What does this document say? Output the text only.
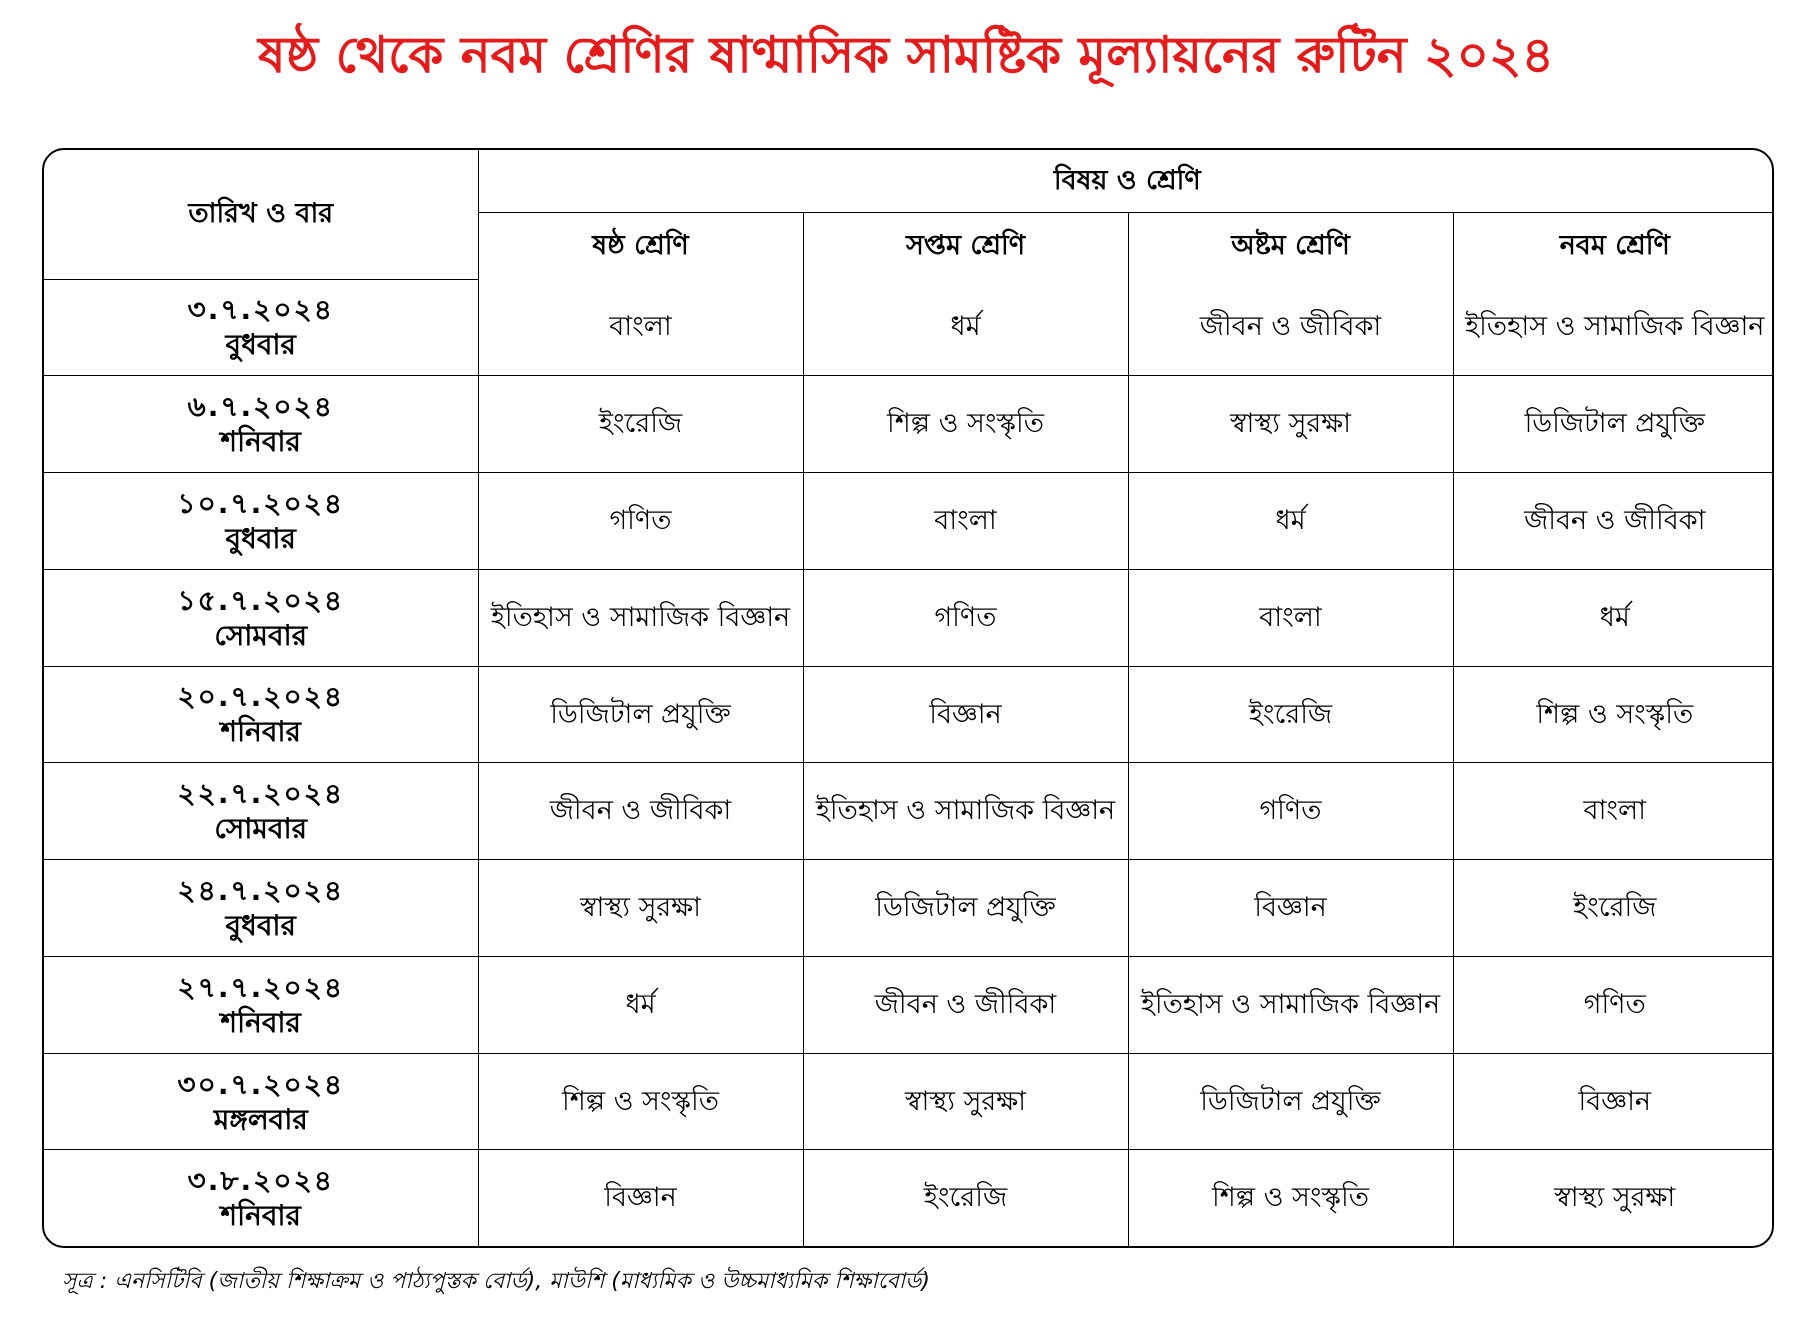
ষষ্ঠ থেকে নবম শ্রেণির ষাণ্মাসিক সামষ্টিক মূল্যায়নের রুটিন ২০২৪
তারিখ ও বার	বিষয় ও শ্রেণি			
	ষষ্ঠ শ্রেণি	সপ্তম শ্রেণি	অষ্টম শ্রেণি	নবম শ্রেণি

৩.৭.২০২৪
বুধবার	বাংলা	ধর্ম	জীবন ও জীবিকা	ইতিহাস ও সামাজিক বিজ্ঞান

৬.৭.২০২৪
শনিবার	ইংরেজি	শিল্প ও সংস্কৃতি	স্বাস্থ্য সুরক্ষা	ডিজিটাল প্রযুক্তি

১০.৭.২০২৪
বুধবার	গণিত	বাংলা	ধর্ম	জীবন ও জীবিকা

১৫.৭.২০২৪
সোমবার	ইতিহাস ও সামাজিক বিজ্ঞান	গণিত	বাংলা	ধর্ম

২০.৭.২০২৪
শনিবার	ডিজিটাল প্রযুক্তি	বিজ্ঞান	ইংরেজি	শিল্প ও সংস্কৃতি

২২.৭.২০২৪
সোমবার	জীবন ও জীবিকা	ইতিহাস ও সামাজিক বিজ্ঞান	গণিত	বাংলা

২৪.৭.২০২৪
বুধবার	স্বাস্থ্য সুরক্ষা	ডিজিটাল প্রযুক্তি	বিজ্ঞান	ইংরেজি

২৭.৭.২০২৪
শনিবার	ধর্ম	জীবন ও জীবিকা	ইতিহাস ও সামাজিক বিজ্ঞান	গণিত

৩০.৭.২০২৪
মঙ্গলবার	শিল্প ও সংস্কৃতি	স্বাস্থ্য সুরক্ষা	ডিজিটাল প্রযুক্তি	বিজ্ঞান

৩.৮.২০২৪
শনিবার	বিজ্ঞান	ইংরেজি	শিল্প ও সংস্কৃতি	স্বাস্থ্য সুরক্ষা
সূত্র : এনসিটিবি (জাতীয় শিক্ষাক্রম ও পাঠ্যপুস্তক বোর্ড), মাউশি (মাধ্যমিক ও উচ্চমাধ্যমিক শিক্ষাবোর্ড)
